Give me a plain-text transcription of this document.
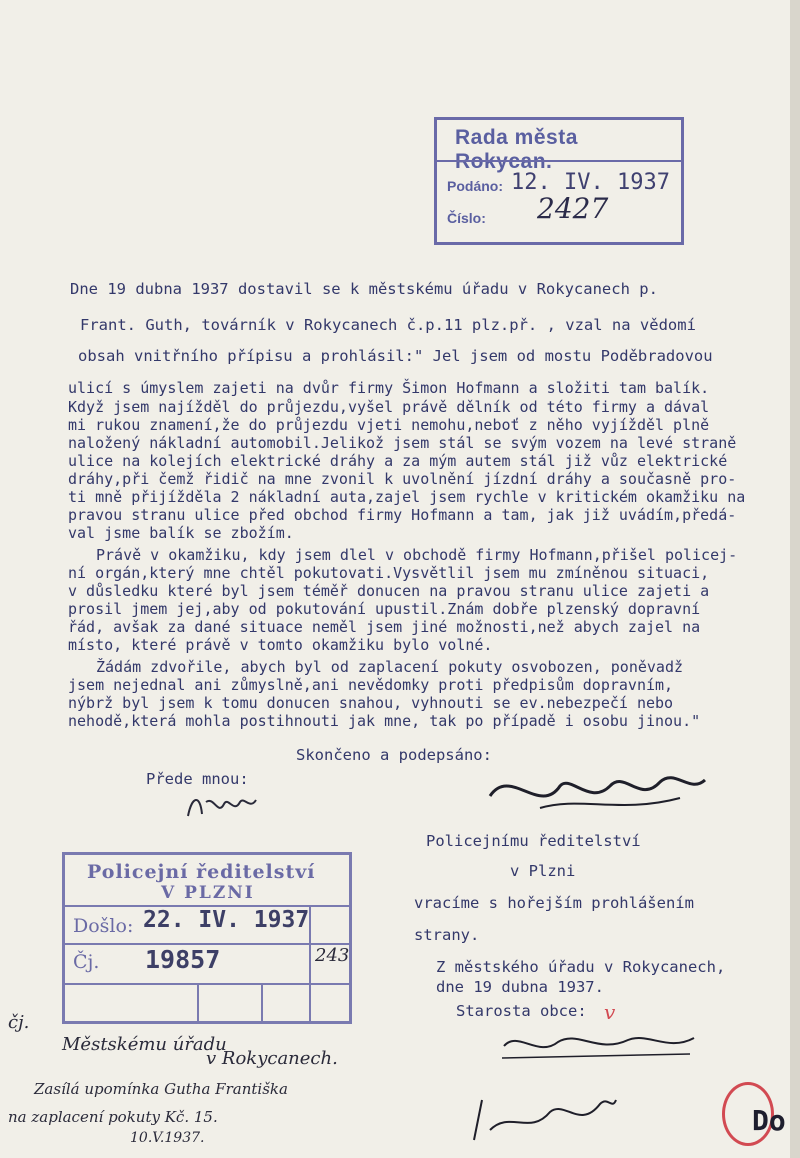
Rada města Rokycan.
Podáno: 12. IV. 1937
Číslo: 2427
Dne 19 dubna 1937 dostavil se k městskému úřadu v Rokycanech p.
Frant. Guth, továrník v Rokycanech č.p.11 plz.př. , vzal na vědomí
obsah vnitřního přípisu a prohlásil:" Jel jsem od mostu Poděbradovou
ulicí s úmyslem zajeti na dvůr firmy Šimon Hofmann a složiti tam balík.
Když jsem najížděl do průjezdu,vyšel právě dělník od této firmy a dával
mi rukou znamení,že do průjezdu vjeti nemohu,neboť z něho vyjížděl plně
naložený nákladní automobil.Jelikož jsem stál se svým vozem na levé straně
ulice na kolejích elektrické dráhy a za mým autem stál již vůz elektrické
dráhy,při čemž řidič na mne zvonil k uvolnění jízdní dráhy a současně pro-
ti mně přijížděla 2 nákladní auta,zajel jsem rychle v kritickém okamžiku na
pravou stranu ulice před obchod firmy Hofmann a tam, jak již uvádím,předá-
val jsme balík se zbožím.
Právě v okamžiku, kdy jsem dlel v obchodě firmy Hofmann,přišel policej-
ní orgán,který mne chtěl pokutovati.Vysvětlil jsem mu zmíněnou situaci,
v důsledku které byl jsem téměř donucen na pravou stranu ulice zajeti a
prosil jmem jej,aby od pokutování upustil.Znám dobře plzenský dopravní
řád, avšak za dané situace neměl jsem jiné možnosti,než abych zajel na
místo, které právě v tomto okamžiku bylo volné.
Žádám zdvořile, abych byl od zaplacení pokuty osvobozen, poněvadž
jsem nejednal ani zůmyslně,ani nevědomky proti předpisům dopravním,
nýbrž byl jsem k tomu donucen snahou, vyhnouti se ev.nebezpečí nebo
nehodě,která mohla postihnouti jak mne, tak po případě i osobu jinou."
Skončeno a podepsáno:
Přede mnou:
Policejnímu ředitelství
v Plzni
vracíme s hořejším prohlášením
strany.
Z městského úřadu v Rokycanech,
dne 19 dubna 1937.
Starosta obce: v
Policejní ředitelství
V PLZNI
Došlo: 22. IV. 1937
Čj. 19857	243
čj.
Městskému úřadu
v Rokycanech.
Zasílá upomínka Gutha Františka
na zaplacení pokuty Kč. 15.
10.V.1937.
Do
